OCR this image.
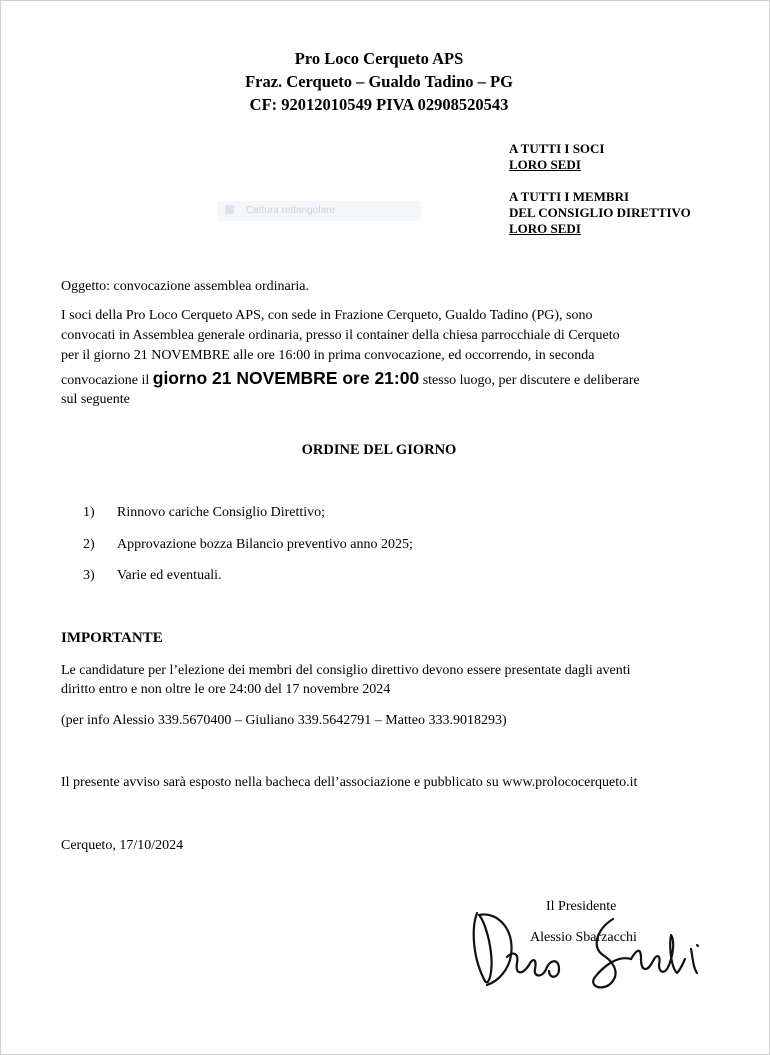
Pro Loco Cerqueto APS
Fraz. Cerqueto – Gualdo Tadino – PG
CF: 92012010549 PIVA 02908520543
A TUTTI I SOCI
LORO SEDI
A TUTTI I MEMBRI
DEL CONSIGLIO DIRETTIVO
LORO SEDI
Cattura rettangolare
Oggetto: convocazione assemblea ordinaria.
I soci della Pro Loco Cerqueto APS, con sede in Frazione Cerqueto, Gualdo Tadino (PG), sono
convocati in Assemblea generale ordinaria, presso il container della chiesa parrocchiale di Cerqueto
per il giorno 21 NOVEMBRE alle ore 16:00 in prima convocazione, ed occorrendo, in seconda
convocazione il giorno 21 NOVEMBRE ore 21:00 stesso luogo, per discutere e deliberare
sul seguente
ORDINE DEL GIORNO
1) Rinnovo cariche Consiglio Direttivo;
2) Approvazione bozza Bilancio preventivo anno 2025;
3) Varie ed eventuali.
IMPORTANTE
Le candidature per l’elezione dei membri del consiglio direttivo devono essere presentate dagli aventi
diritto entro e non oltre le ore 24:00 del 17 novembre 2024
(per info Alessio 339.5670400 – Giuliano 339.5642791 – Matteo 333.9018293)
Il presente avviso sarà esposto nella bacheca dell’associazione e pubblicato su www.prolococerqueto.it
Cerqueto, 17/10/2024
Il Presidente
Alessio Sbarzacchi
